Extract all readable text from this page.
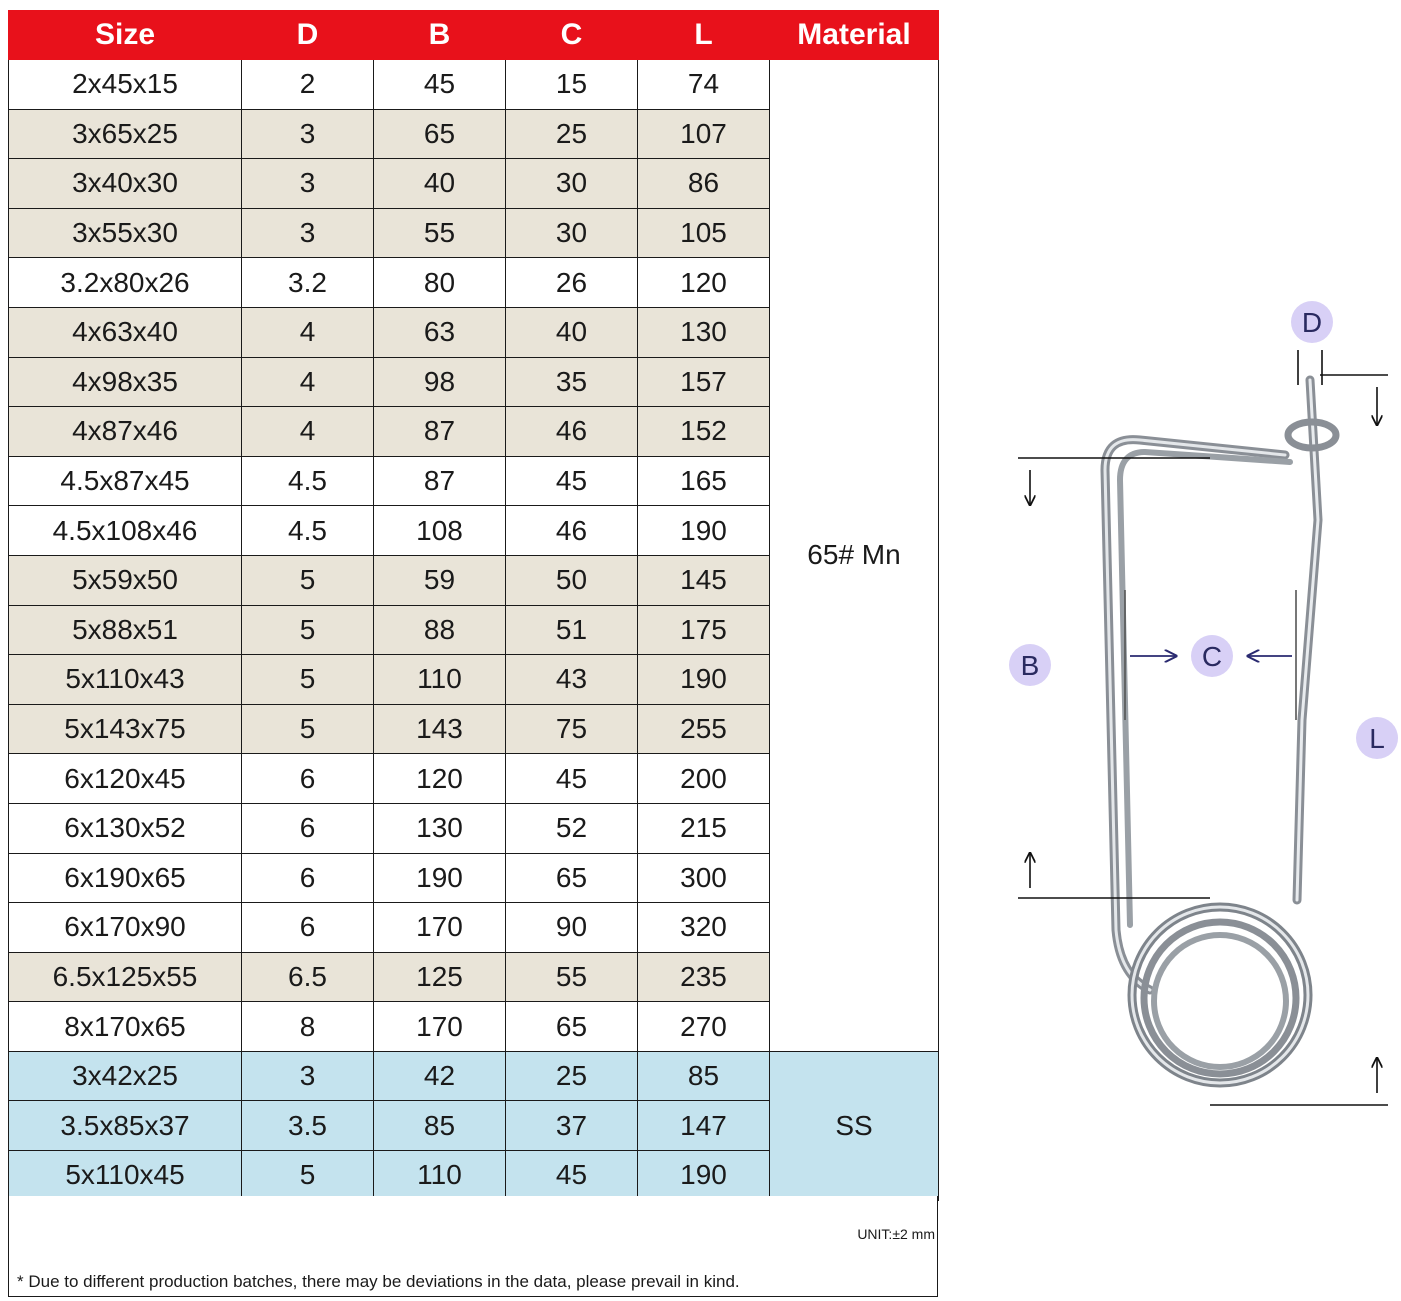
Size	D	B	C	L	Material
2x45x15	2	45	15	74	65# Mn
3x65x25	3	65	25	107	
3x40x30	3	40	30	86	
3x55x30	3	55	30	105	
3.2x80x26	3.2	80	26	120	
4x63x40	4	63	40	130	
4x98x35	4	98	35	157	
4x87x46	4	87	46	152	
4.5x87x45	4.5	87	45	165	
4.5x108x46	4.5	108	46	190	
5x59x50	5	59	50	145	
5x88x51	5	88	51	175	
5x110x43	5	110	43	190	
5x143x75	5	143	75	255	
6x120x45	6	120	45	200	
6x130x52	6	130	52	215	
6x190x65	6	190	65	300	
6x170x90	6	170	90	320	
6.5x125x55	6.5	125	55	235	
8x170x65	8	170	65	270	
3x42x25	3	42	25	85	SS
3.5x85x37	3.5	85	37	147	
5x110x45	5	110	45	190	
UNIT:±2 mm
* Due to different production batches, there may be deviations in the data, please prevail in kind.
D
B	C
L
